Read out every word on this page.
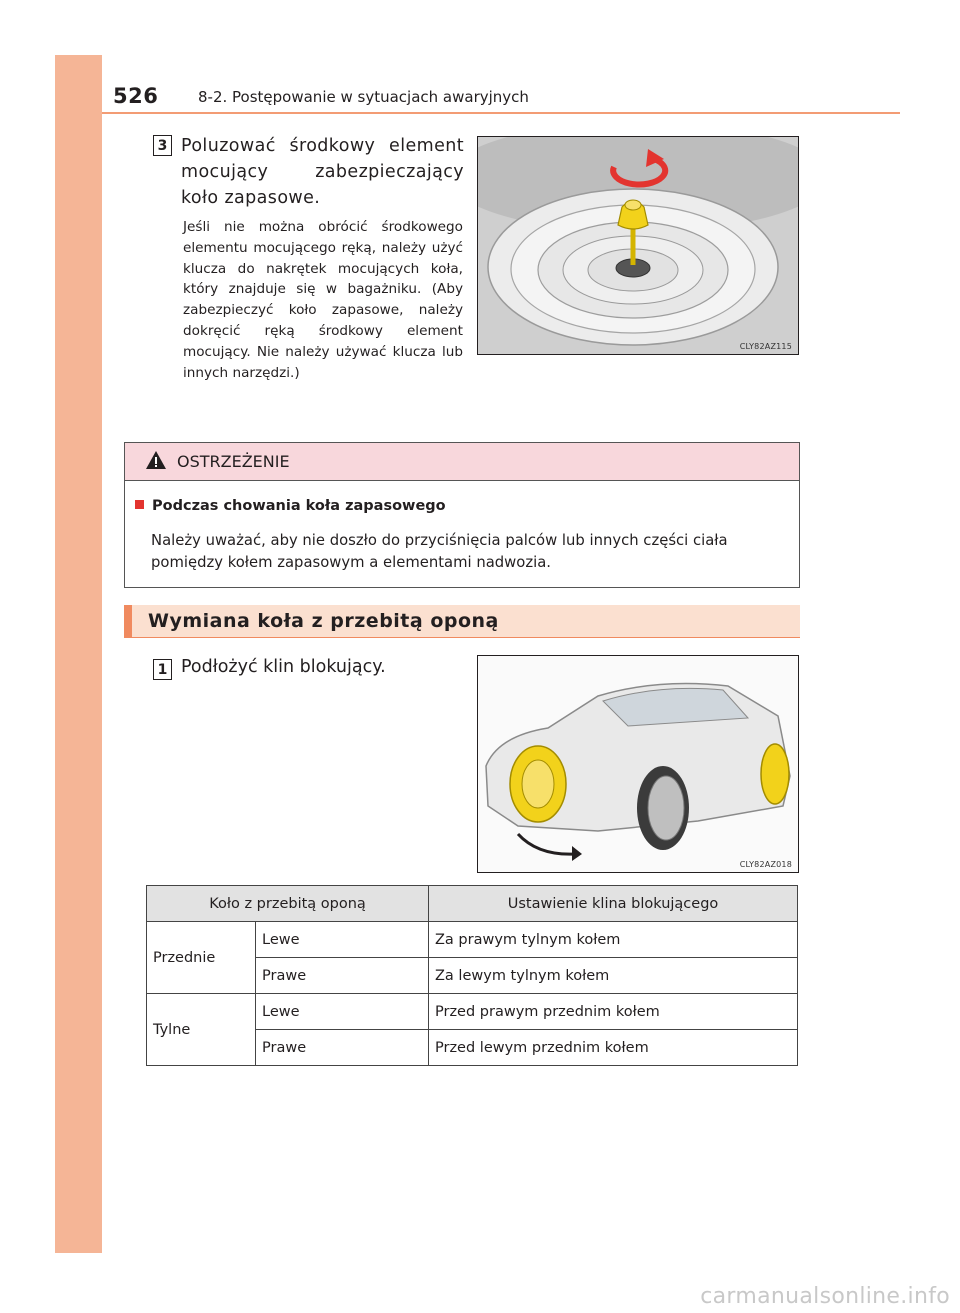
526	8-2. Postępowanie w sytuacjach awaryjnych
3 Poluzować środkowy element mocujący zabezpieczający koło zapasowe.
Jeśli nie można obrócić środkowego elementu mocującego ręką, należy użyć klucza do nakrętek mocujących koła, który znajduje się w bagażniku. (Aby zabezpieczyć koło zapasowe, należy dokręcić ręką środkowy element mocujący. Nie należy używać klucza lub innych narzędzi.)
CLY82AZ115
OSTRZEŻENIE
Podczas chowania koła zapasowego
Należy uważać, aby nie doszło do przyciśnięcia palców lub innych części ciała pomiędzy kołem zapasowym a elementami nadwozia.
Wymiana koła z przebitą oponą
1 Podłożyć klin blokujący.
CLY82AZ018
Koło z przebitą oponą		Ustawienie klina blokującego
Przednie	Lewe	Za prawym tylnym kołem
	Prawe	Za lewym tylnym kołem
Tylne	Lewe	Przed prawym przednim kołem
	Prawe	Przed lewym przednim kołem
carmanualsonline.info
